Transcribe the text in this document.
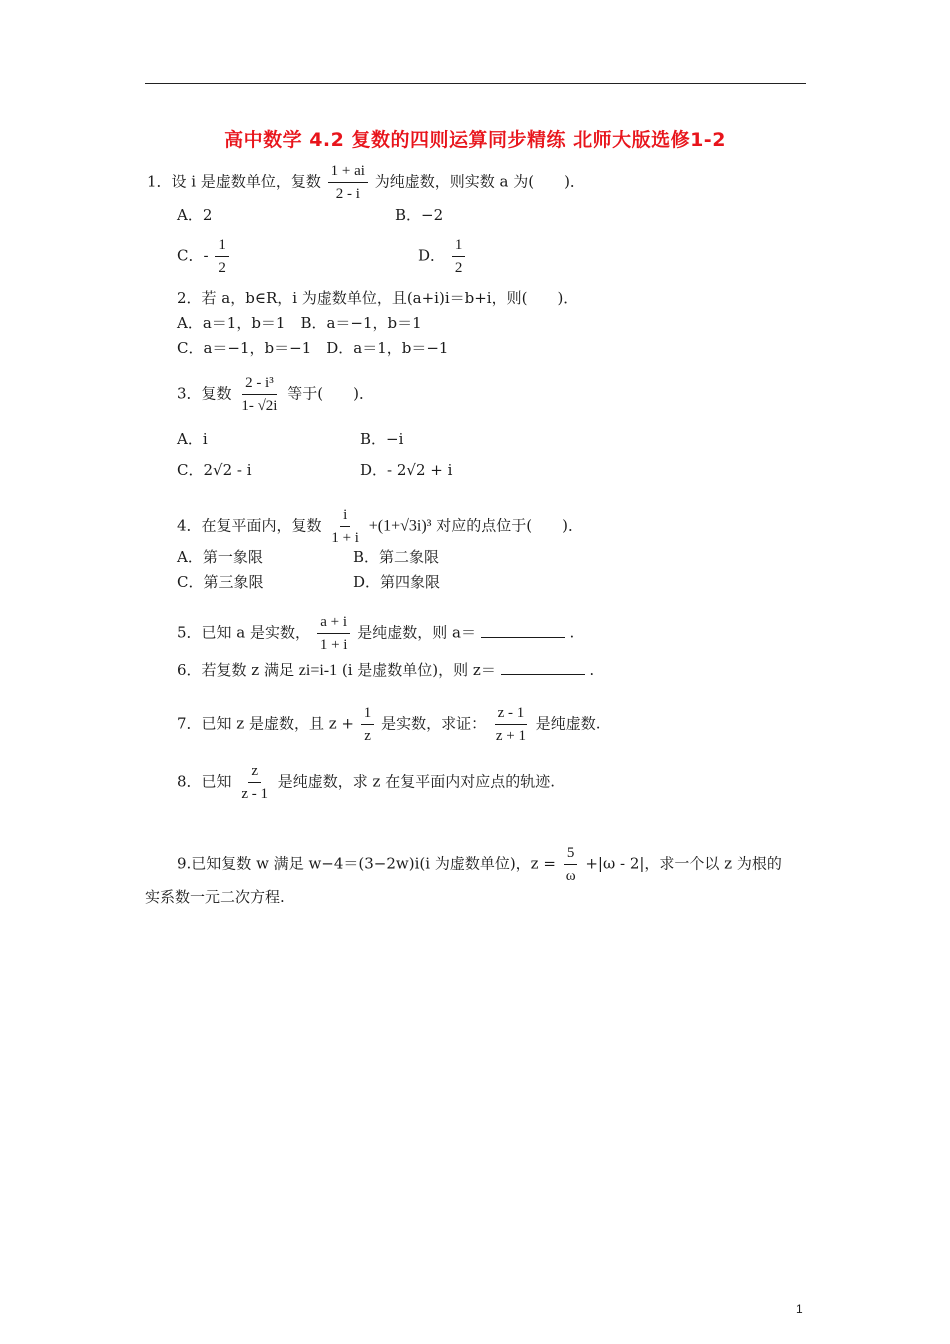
高中数学 4.2 复数的四则运算同步精练 北师大版选修1-2
1．设 i 是虚数单位，复数 $\frac{1 + ai}{2 - i}$ 为纯虚数，则实数 a 为(　　)．
A．2	B．−2
C．- $\frac{1}{2}$	D． $\frac{1}{2}$
2．若 a，b∈R，i 为虚数单位，且(a+i)i＝b+i，则(　　)．
A．a＝1，b＝1　B．a＝−1，b＝1
C．a＝−1，b＝−1　D．a＝1，b＝−1
3．复数 $\frac{\text{2 - i³}}{1- √2i}$ 等于(　　)．
A．i	B．−i
C．2√2 - i	D．- 2√2 + i
4．在复平面内，复数 $\frac{i}{1 + i} +(1+√3i)^3$ 对应的点位于(　　)．
A．第一象限	B．第二象限
C．第三象限	D．第四象限
5．已知 a 是实数， $\frac{a + i}{1 + i}$ 是纯虚数，则 a＝	.
6．若复数 z 满足 zi=i-1 (i 是虚数单位)，则 z＝	.
7．已知 z 是虚数，且 $z + \frac{1}{z}$ 是实数，求证： $\frac{z - 1}{z + 1}$ 是纯虚数.
8．已知 $\frac{z}{z - 1}$ 是纯虚数，求 z 在复平面内对应点的轨迹.
9.已知复数 w 满足 w−4＝(3−2w)i(i 为虚数单位)，$z = \frac{5}{\omega} +|\omega - 2|$，求一个以 z 为根的
实系数一元二次方程.
1
